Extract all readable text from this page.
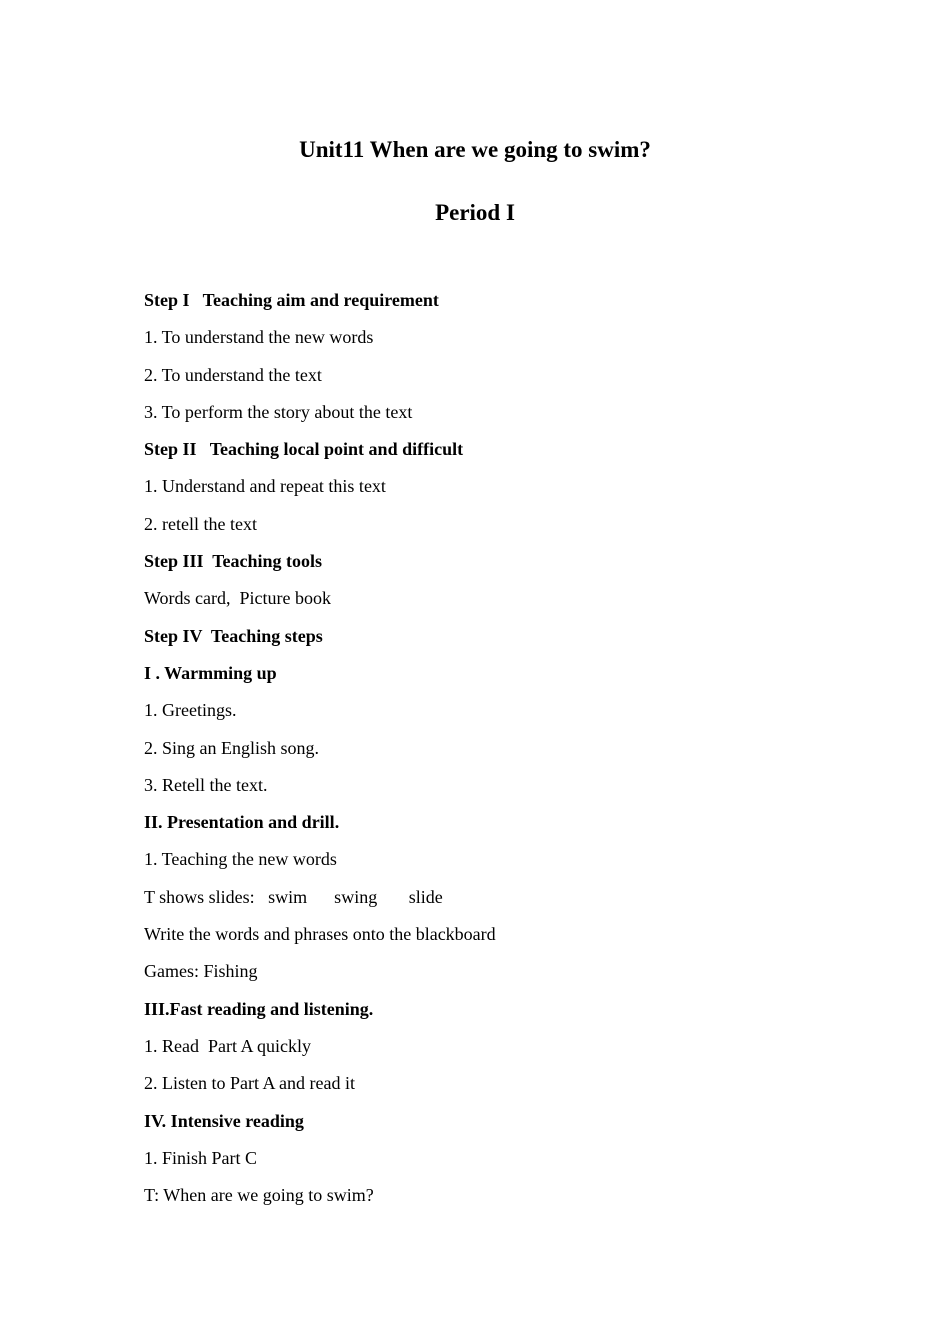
Unit11 When are we going to swim?
Period I
Step I   Teaching aim and requirement
1. To understand the new words
2. To understand the text
3. To perform the story about the text
Step II   Teaching local point and difficult
1. Understand and repeat this text
2. retell the text
Step III  Teaching tools
Words card,  Picture book
Step IV  Teaching steps
I . Warmming up
1. Greetings.
2. Sing an English song.
3. Retell the text.
II. Presentation and drill.
1. Teaching the new words
T shows slides:   swim      swing       slide
Write the words and phrases onto the blackboard
Games: Fishing
III.Fast reading and listening.
1. Read  Part A quickly
2. Listen to Part A and read it
IV. Intensive reading
1. Finish Part C
T: When are we going to swim?
